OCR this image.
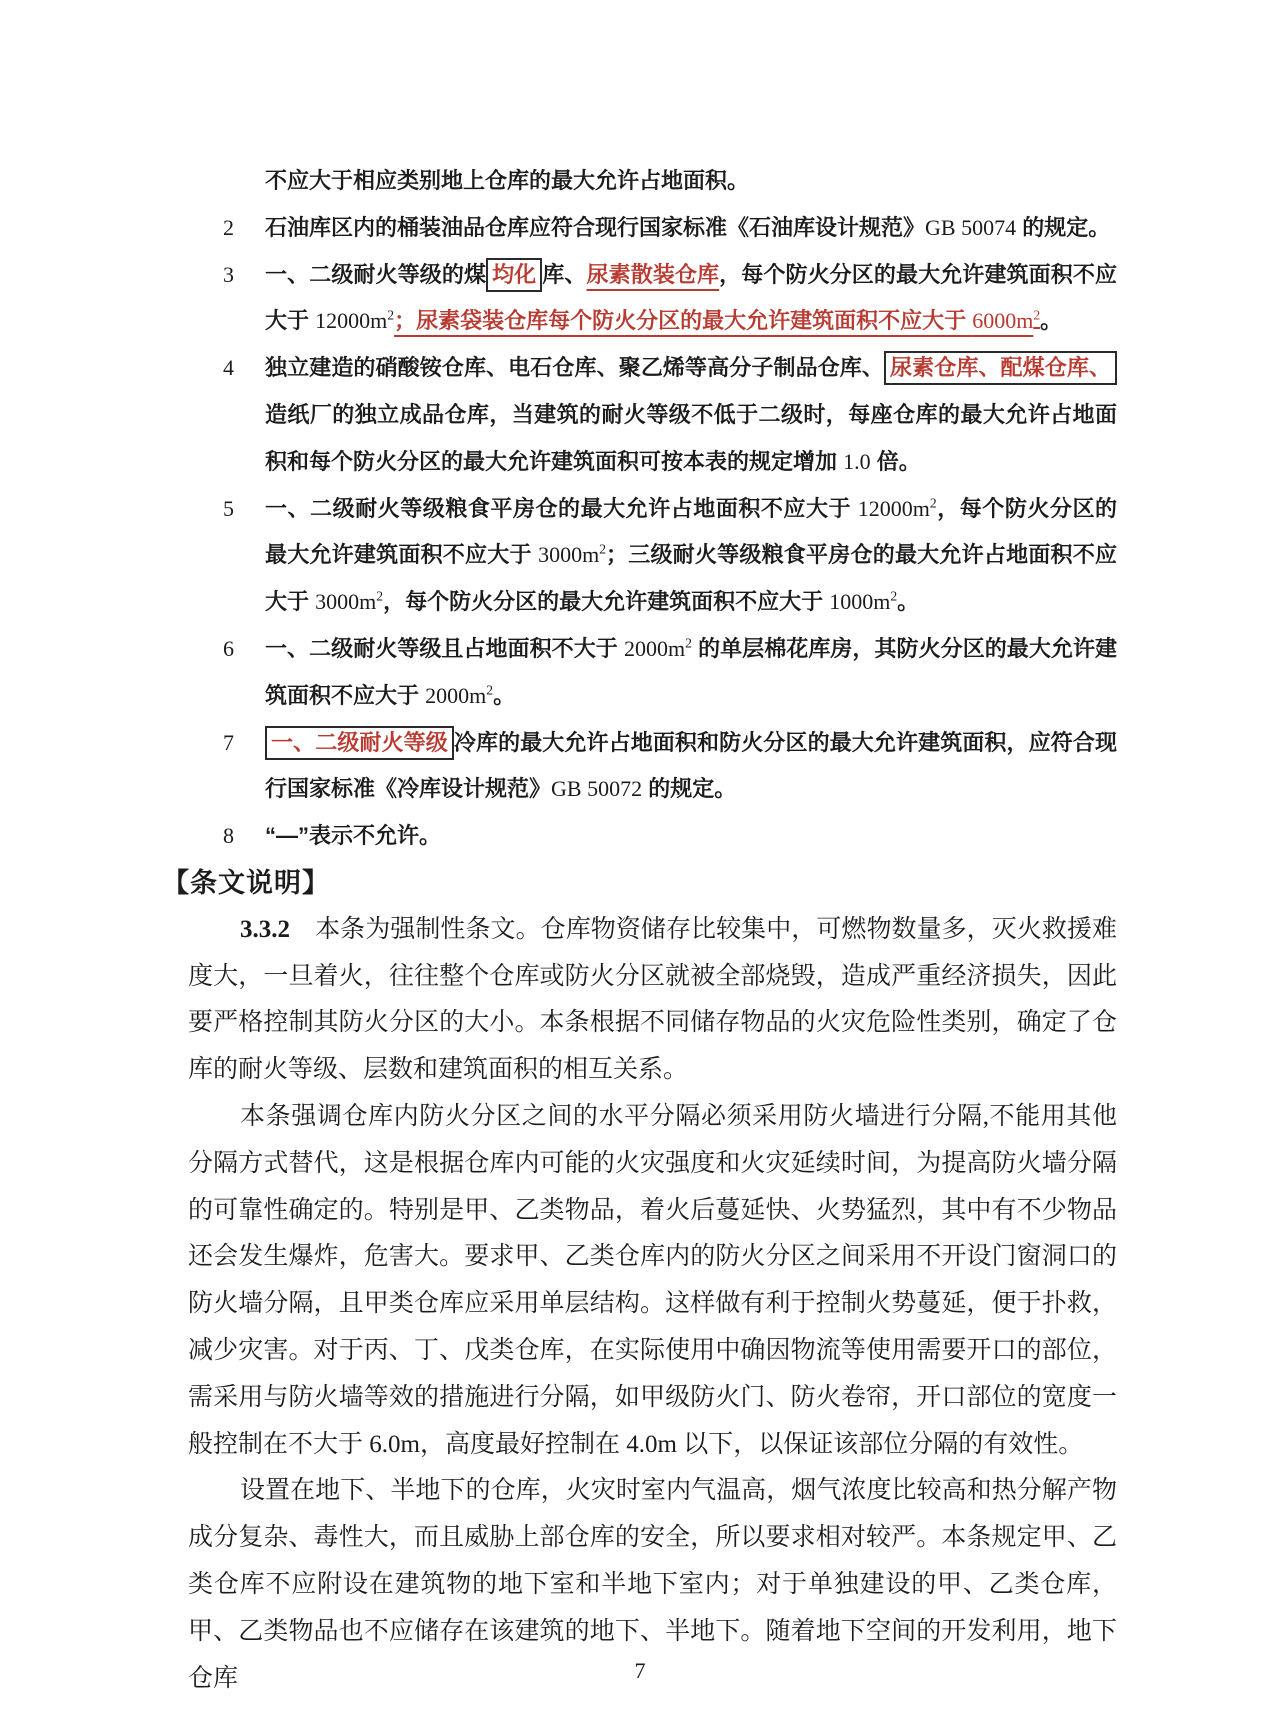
不应大于相应类别地上仓库的最大允许占地面积。
2 石油库区内的桶装油品仓库应符合现行国家标准《石油库设计规范》GB 50074 的规定。
3 一、二级耐火等级的煤 均化 库、尿素散装仓库，每个防火分区的最大允许建筑面积不应大于 $12000m^2$；尿素袋装仓库每个防火分区的最大允许建筑面积不应大于 $6000m^2$。
4 独立建造的硝酸铵仓库、电石仓库、聚乙烯等高分子制品仓库、 尿素仓库、配煤仓库、造纸厂的独立成品仓库，当建筑的耐火等级不低于二级时，每座仓库的最大允许占地面积和每个防火分区的最大允许建筑面积可按本表的规定增加 1.0 倍。
5 一、二级耐火等级粮食平房仓的最大允许占地面积不应大于 $12000m^2$，每个防火分区的最大允许建筑面积不应大于 $3000m^2$；三级耐火等级粮食平房仓的最大允许占地面积不应大于 $3000m^2$，每个防火分区的最大允许建筑面积不应大于 $1000m^2$。
6 一、二级耐火等级且占地面积不大于 $2000m^2$ 的单层棉花库房，其防火分区的最大允许建筑面积不应大于 $2000m^2$。
7 一、二级耐火等级 冷库的最大允许占地面积和防火分区的最大允许建筑面积，应符合现行国家标准《冷库设计规范》GB 50072 的规定。
8 “—”表示不允许。
【条文说明】

3.3.2　本条为强制性条文。仓库物资储存比较集中，可燃物数量多，灭火救援难度大，一旦着火，往往整个仓库或防火分区就被全部烧毁，造成严重经济损失，因此要严格控制其防火分区的大小。本条根据不同储存物品的火灾危险性类别，确定了仓库的耐火等级、层数和建筑面积的相互关系。

本条强调仓库内防火分区之间的水平分隔必须采用防火墙进行分隔,不能用其他分隔方式替代，这是根据仓库内可能的火灾强度和火灾延续时间，为提高防火墙分隔的可靠性确定的。特别是甲、乙类物品，着火后蔓延快、火势猛烈，其中有不少物品还会发生爆炸，危害大。要求甲、乙类仓库内的防火分区之间采用不开设门窗洞口的防火墙分隔，且甲类仓库应采用单层结构。这样做有利于控制火势蔓延，便于扑救，减少灾害。对于丙、丁、戊类仓库，在实际使用中确因物流等使用需要开口的部位，需采用与防火墙等效的措施进行分隔，如甲级防火门、防火卷帘，开口部位的宽度一般控制在不大于 6.0m，高度最好控制在 4.0m 以下，以保证该部位分隔的有效性。

设置在地下、半地下的仓库，火灾时室内气温高，烟气浓度比较高和热分解产物成分复杂、毒性大，而且威胁上部仓库的安全，所以要求相对较严。本条规定甲、乙类仓库不应附设在建筑物的地下室和半地下室内；对于单独建设的甲、乙类仓库，甲、乙类物品也不应储存在该建筑的地下、半地下。随着地下空间的开发利用，地下仓库	7
